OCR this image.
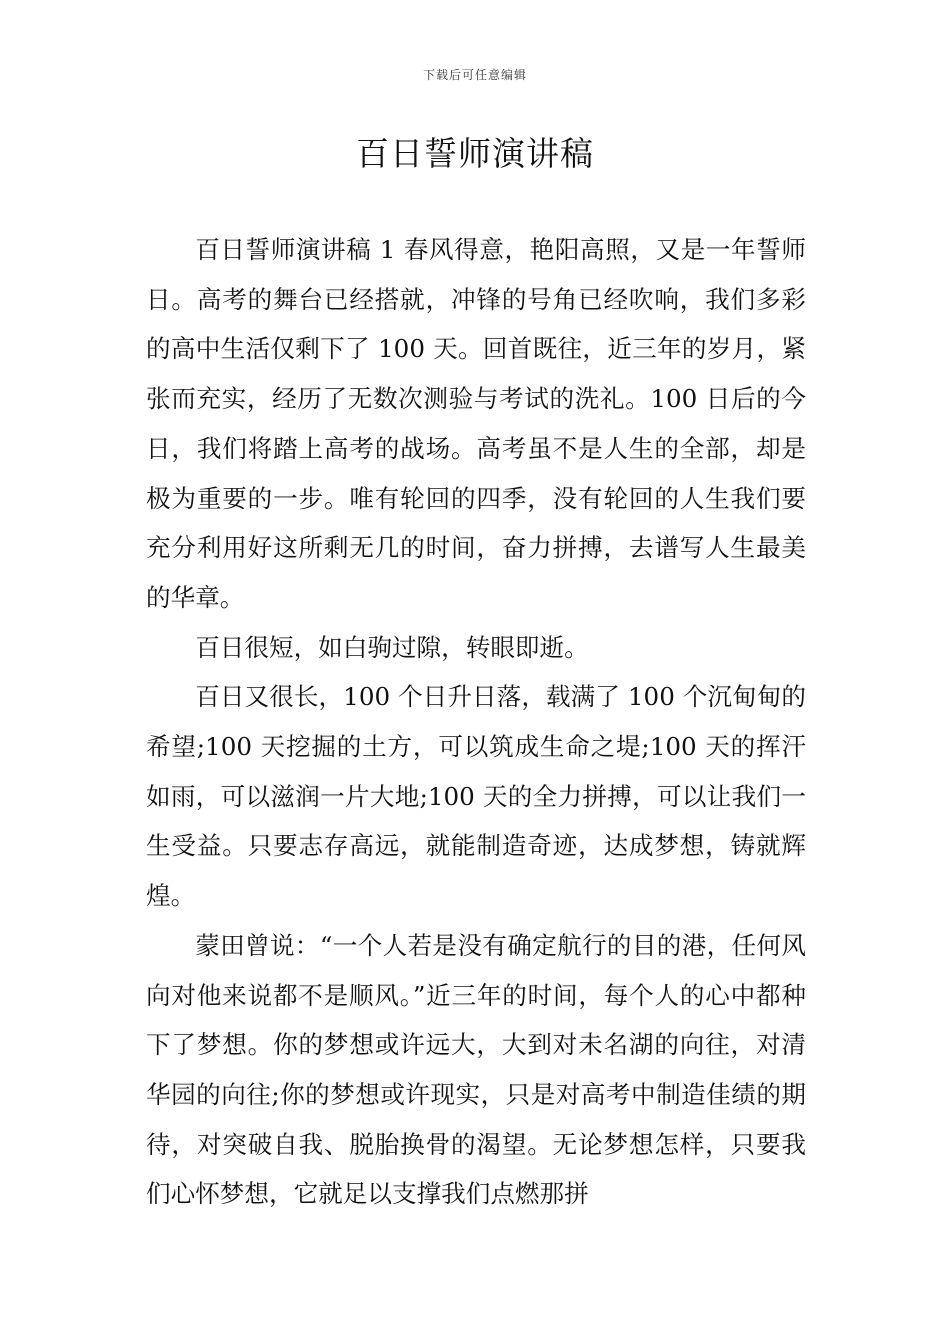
下载后可任意编辑
百日誓师演讲稿

百日誓师演讲稿 1 春风得意，艳阳高照，又是一年誓师日。高考的舞台已经搭就，冲锋的号角已经吹响，我们多彩的高中生活仅剩下了 100 天。回首既往，近三年的岁月，紧张而充实，经历了无数次测验与考试的洗礼。100 日后的今日，我们将踏上高考的战场。高考虽不是人生的全部，却是极为重要的一步。唯有轮回的四季，没有轮回的人生我们要充分利用好这所剩无几的时间，奋力拼搏，去谱写人生最美的华章。

百日很短，如白驹过隙，转眼即逝。

百日又很长，100 个日升日落，载满了 100 个沉甸甸的希望;100 天挖掘的土方，可以筑成生命之堤;100 天的挥汗如雨，可以滋润一片大地;100 天的全力拼搏，可以让我们一生受益。只要志存高远，就能制造奇迹，达成梦想，铸就辉煌。

蒙田曾说：“一个人若是没有确定航行的目的港，任何风向对他来说都不是顺风。”近三年的时间，每个人的心中都种下了梦想。你的梦想或许远大，大到对未名湖的向往，对清华园的向往;你的梦想或许现实，只是对高考中制造佳绩的期待，对突破自我、脱胎换骨的渴望。无论梦想怎样，只要我们心怀梦想，它就足以支撑我们点燃那拼
